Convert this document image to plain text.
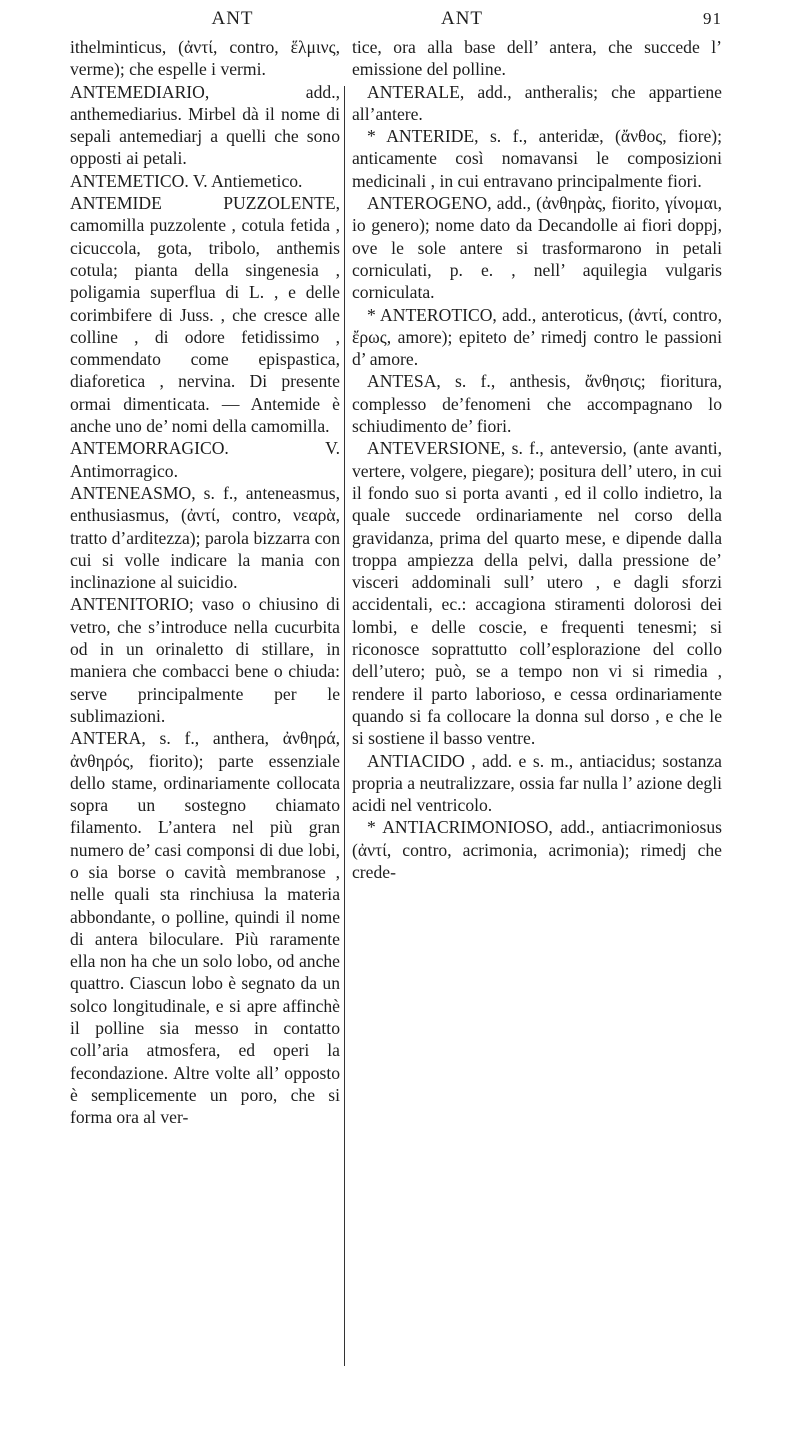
ANT

ithelminticus, (ἀντί, contro, ἕλμινς, verme); che espelle i vermi.

ANTEMEDIARIO, add., anthemediarius. Mirbel dà il nome di sepali antemediarj a quelli che sono opposti ai petali.

ANTEMETICO. V. Antiemetico.

ANTEMIDE PUZZOLENTE, camomilla puzzolente , cotula fetida , cicuccola, gota, tribolo, anthemis cotula; pianta della singenesia , poligamia superflua di L. , e delle corimbifere di Juss. , che cresce alle colline , di odore fetidissimo , commendato come epispastica, diaforetica , nervina. Di presente ormai dimenticata. — Antemide è anche uno de’ nomi della camomilla.

ANTEMORRAGICO. V. Antimorragico.

ANTENEASMO, s. f., anteneasmus, enthusiasmus, (ἀντί, contro, νεαρὰ, tratto d’arditezza); parola bizzarra con cui si volle indicare la mania con inclinazione al suicidio.

ANTENITORIO; vaso o chiusino di vetro, che s’introduce nella cucurbita od in un orinaletto di stillare, in maniera che combacci bene o chiuda: serve principalmente per le sublimazioni.

ANTERA, s. f., anthera, ἀνθηρά, ἀνθηρός, fiorito); parte essenziale dello stame, ordinariamente collocata sopra un sostegno chiamato filamento. L’antera nel più gran numero de’ casi componsi di due lobi, o sia borse o cavità membranose , nelle quali sta rinchiusa la materia abbondante, o polline, quindi il nome di antera biloculare. Più raramente ella non ha che un solo lobo, od anche quattro. Ciascun lobo è segnato da un solco longitudinale, e si apre affinchè il polline sia messo in contatto coll’aria atmosfera, ed operi la fecondazione. Altre volte all’ opposto è semplicemente un poro, che si forma ora al ver-

ANT	91

tice, ora alla base dell’ antera, che succede l’ emissione del polline.

ANTERALE, add., antheralis; che appartiene all’antere.

* ANTERIDE, s. f., anteridæ, (ἄνθος, fiore); anticamente così nomavansi le composizioni medicinali , in cui entravano principalmente fiori.

ANTEROGENO, add., (ἀνθηρὰς, fiorito, γίνομαι, io genero); nome dato da Decandolle ai fiori doppj, ove le sole antere si trasformarono in petali corniculati, p. e. , nell’ aquilegia vulgaris corniculata.

* ANTEROTICO, add., anteroticus, (ἀντί, contro, ἔρως, amore); epiteto de’ rimedj contro le passioni d’ amore.

ANTESA, s. f., anthesis, ἄνθησις; fioritura, complesso de’fenomeni che accompagnano lo schiudimento de’ fiori.

ANTEVERSIONE, s. f., anteversio, (ante avanti, vertere, volgere, piegare); positura dell’ utero, in cui il fondo suo si porta avanti , ed il collo indietro, la quale succede ordinariamente nel corso della gravidanza, prima del quarto mese, e dipende dalla troppa ampiezza della pelvi, dalla pressione de’ visceri addominali sull’ utero , e dagli sforzi accidentali, ec.: accagiona stiramenti dolorosi dei lombi, e delle coscie, e frequenti tenesmi; si riconosce soprattutto coll’esplorazione del collo dell’utero; può, se a tempo non vi si rimedia , rendere il parto laborioso, e cessa ordinariamente quando si fa collocare la donna sul dorso , e che le si sostiene il basso ventre.

ANTIACIDO , add. e s. m., antiacidus; sostanza propria a neutralizzare, ossia far nulla l’ azione degli acidi nel ventricolo.

* ANTIACRIMONIOSO, add., antiacrimoniosus (ἀντί, contro, acrimonia, acrimonia); rimedj che crede-
